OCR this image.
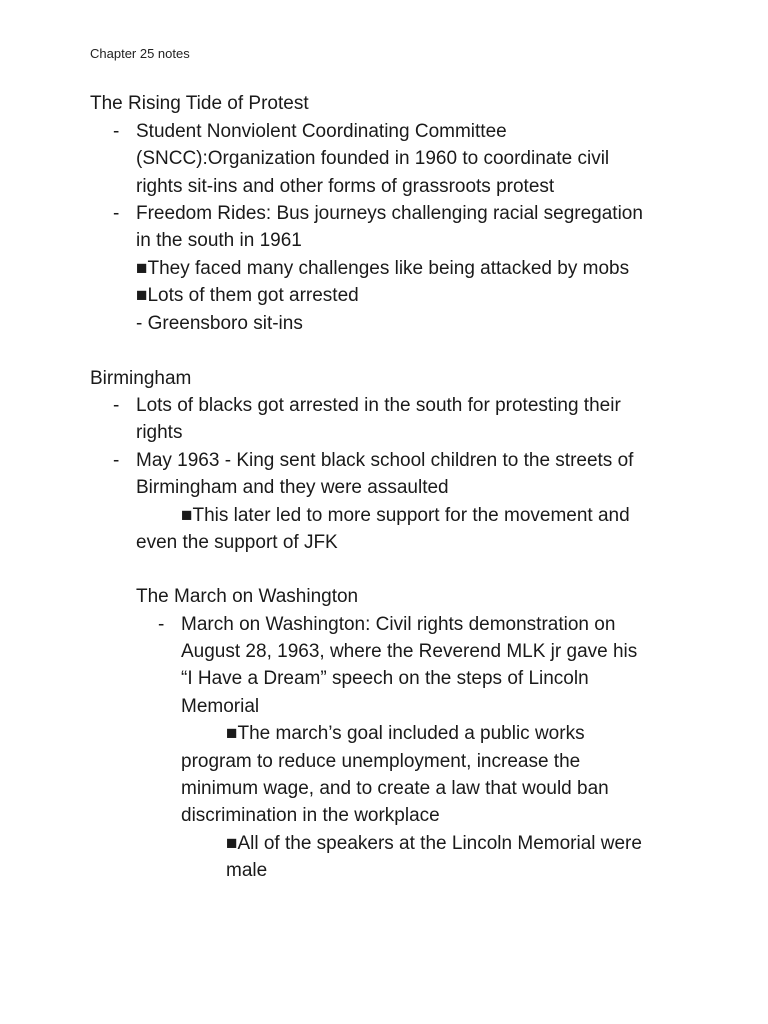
Chapter 25 notes
The Rising Tide of Protest
- Student Nonviolent Coordinating Committee
(SNCC):Organization founded in 1960 to coordinate civil
rights sit-ins and other forms of grassroots protest
- Freedom Rides: Bus journeys challenging racial segregation
in the south in 1961
■They faced many challenges like being attacked by mobs
■Lots of them got arrested
- Greensboro sit-ins
Birmingham
- Lots of blacks got arrested in the south for protesting their
rights
- May 1963 - King sent black school children to the streets of
Birmingham and they were assaulted
■This later led to more support for the movement and
even the support of JFK
The March on Washington
- March on Washington: Civil rights demonstration on
August 28, 1963, where the Reverend MLK jr gave his
“I Have a Dream” speech on the steps of Lincoln
Memorial
■The march’s goal included a public works
program to reduce unemployment, increase the
minimum wage, and to create a law that would ban
discrimination in the workplace
■All of the speakers at the Lincoln Memorial were
male
